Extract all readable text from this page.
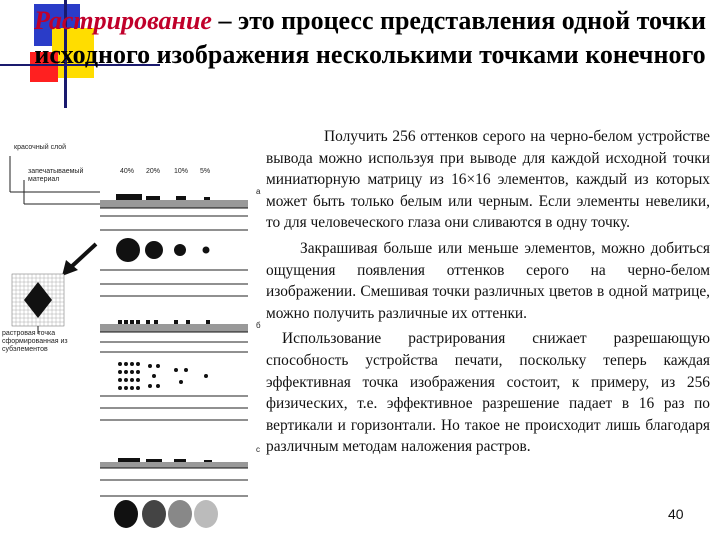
Растрирование – это процесс представления одной точки исходного изображения несколькими точками конечного
красочный слой
запечатываемый материал
40% 20% 10% 5%
растровая точка сформированная из субэлементов
а
б
с

Получить 256 оттенков серого на черно-белом устройстве вывода можно используя при выводе для каждой исходной точки миниатюрную матрицу из 16×16 элементов, каждый из которых может быть только белым или черным. Если элементы невелики, то для человеческого глаза они сливаются в одну точку.

Закрашивая больше или меньше элементов, можно добиться ощущения появления оттенков серого на черно-белом изображении. Смешивая точки различных цветов в одной матрице, можно получить различные их оттенки.

Использование растрирования снижает разрешающую способность устройства печати, поскольку теперь каждая эффективная точка изображения состоит, к примеру, из 256 физических, т.е. эффективное разрешение падает в 16 раз по вертикали и горизонтали. Но такое не происходит лишь благодаря различным методам наложения растров.

40
